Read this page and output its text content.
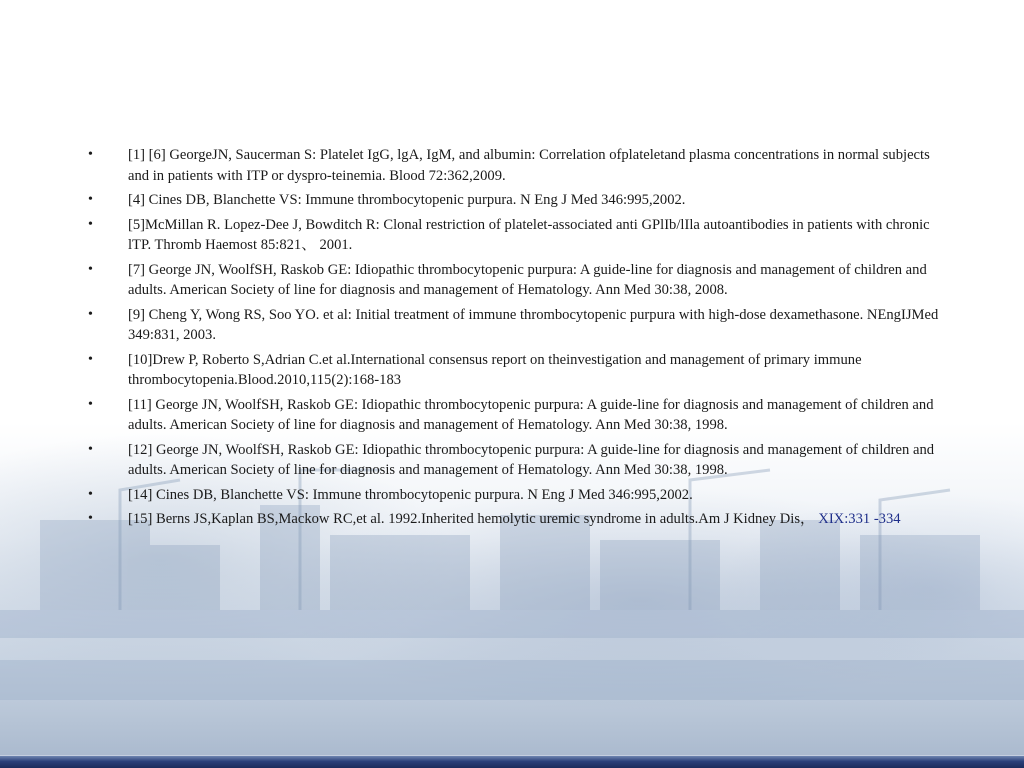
• [1] [6] GeorgeJN, Saucerman S: Platelet IgG, lgA, IgM, and albumin: Correlation ofplateletand plasma concentrations in normal subjects and in patients with ITP or dyspro-teinemia. Blood 72:362,2009.
• [4] Cines DB, Blanchette VS: Immune thrombocytopenic purpura. N Eng J Med 346:995,2002.
• [5]McMillan R. Lopez-Dee J, Bowditch R: Clonal restriction of platelet-associated anti GPlIb/lIla autoantibodies in patients with chronic lTP. Thromb Haemost 85:821、 2001.
• [7] George JN, WoolfSH, Raskob GE: Idiopathic thrombocytopenic purpura: A guide-line for diagnosis and management of children and adults. American Society of line for diagnosis and management of Hematology. Ann Med 30:38, 2008.
• [9] Cheng Y, Wong RS, Soo YO. et al: Initial treatment of immune thrombocytopenic purpura with high-dose dexamethasone. NEngIJMed 349:831, 2003.
• [10]Drew P, Roberto S,Adrian C.et al.International consensus report on theinvestigation and management of primary immune thrombocytopenia.Blood.2010,115(2):168-183
• [11] George JN, WoolfSH, Raskob GE: Idiopathic thrombocytopenic purpura: A guide-line for diagnosis and management of children and adults. American Society of line for diagnosis and management of Hematology. Ann Med 30:38, 1998.
• [12] George JN, WoolfSH, Raskob GE: Idiopathic thrombocytopenic purpura: A guide-line for diagnosis and management of children and adults. American Society of line for diagnosis and management of Hematology. Ann Med 30:38, 1998.
• [14] Cines DB, Blanchette VS: Immune thrombocytopenic purpura. N Eng J Med 346:995,2002.
• [15] Berns JS,Kaplan BS,Mackow RC,et al. 1992.Inherited hemolytic uremic syndrome in adults.Am J Kidney Dis， XIX:331 -334
